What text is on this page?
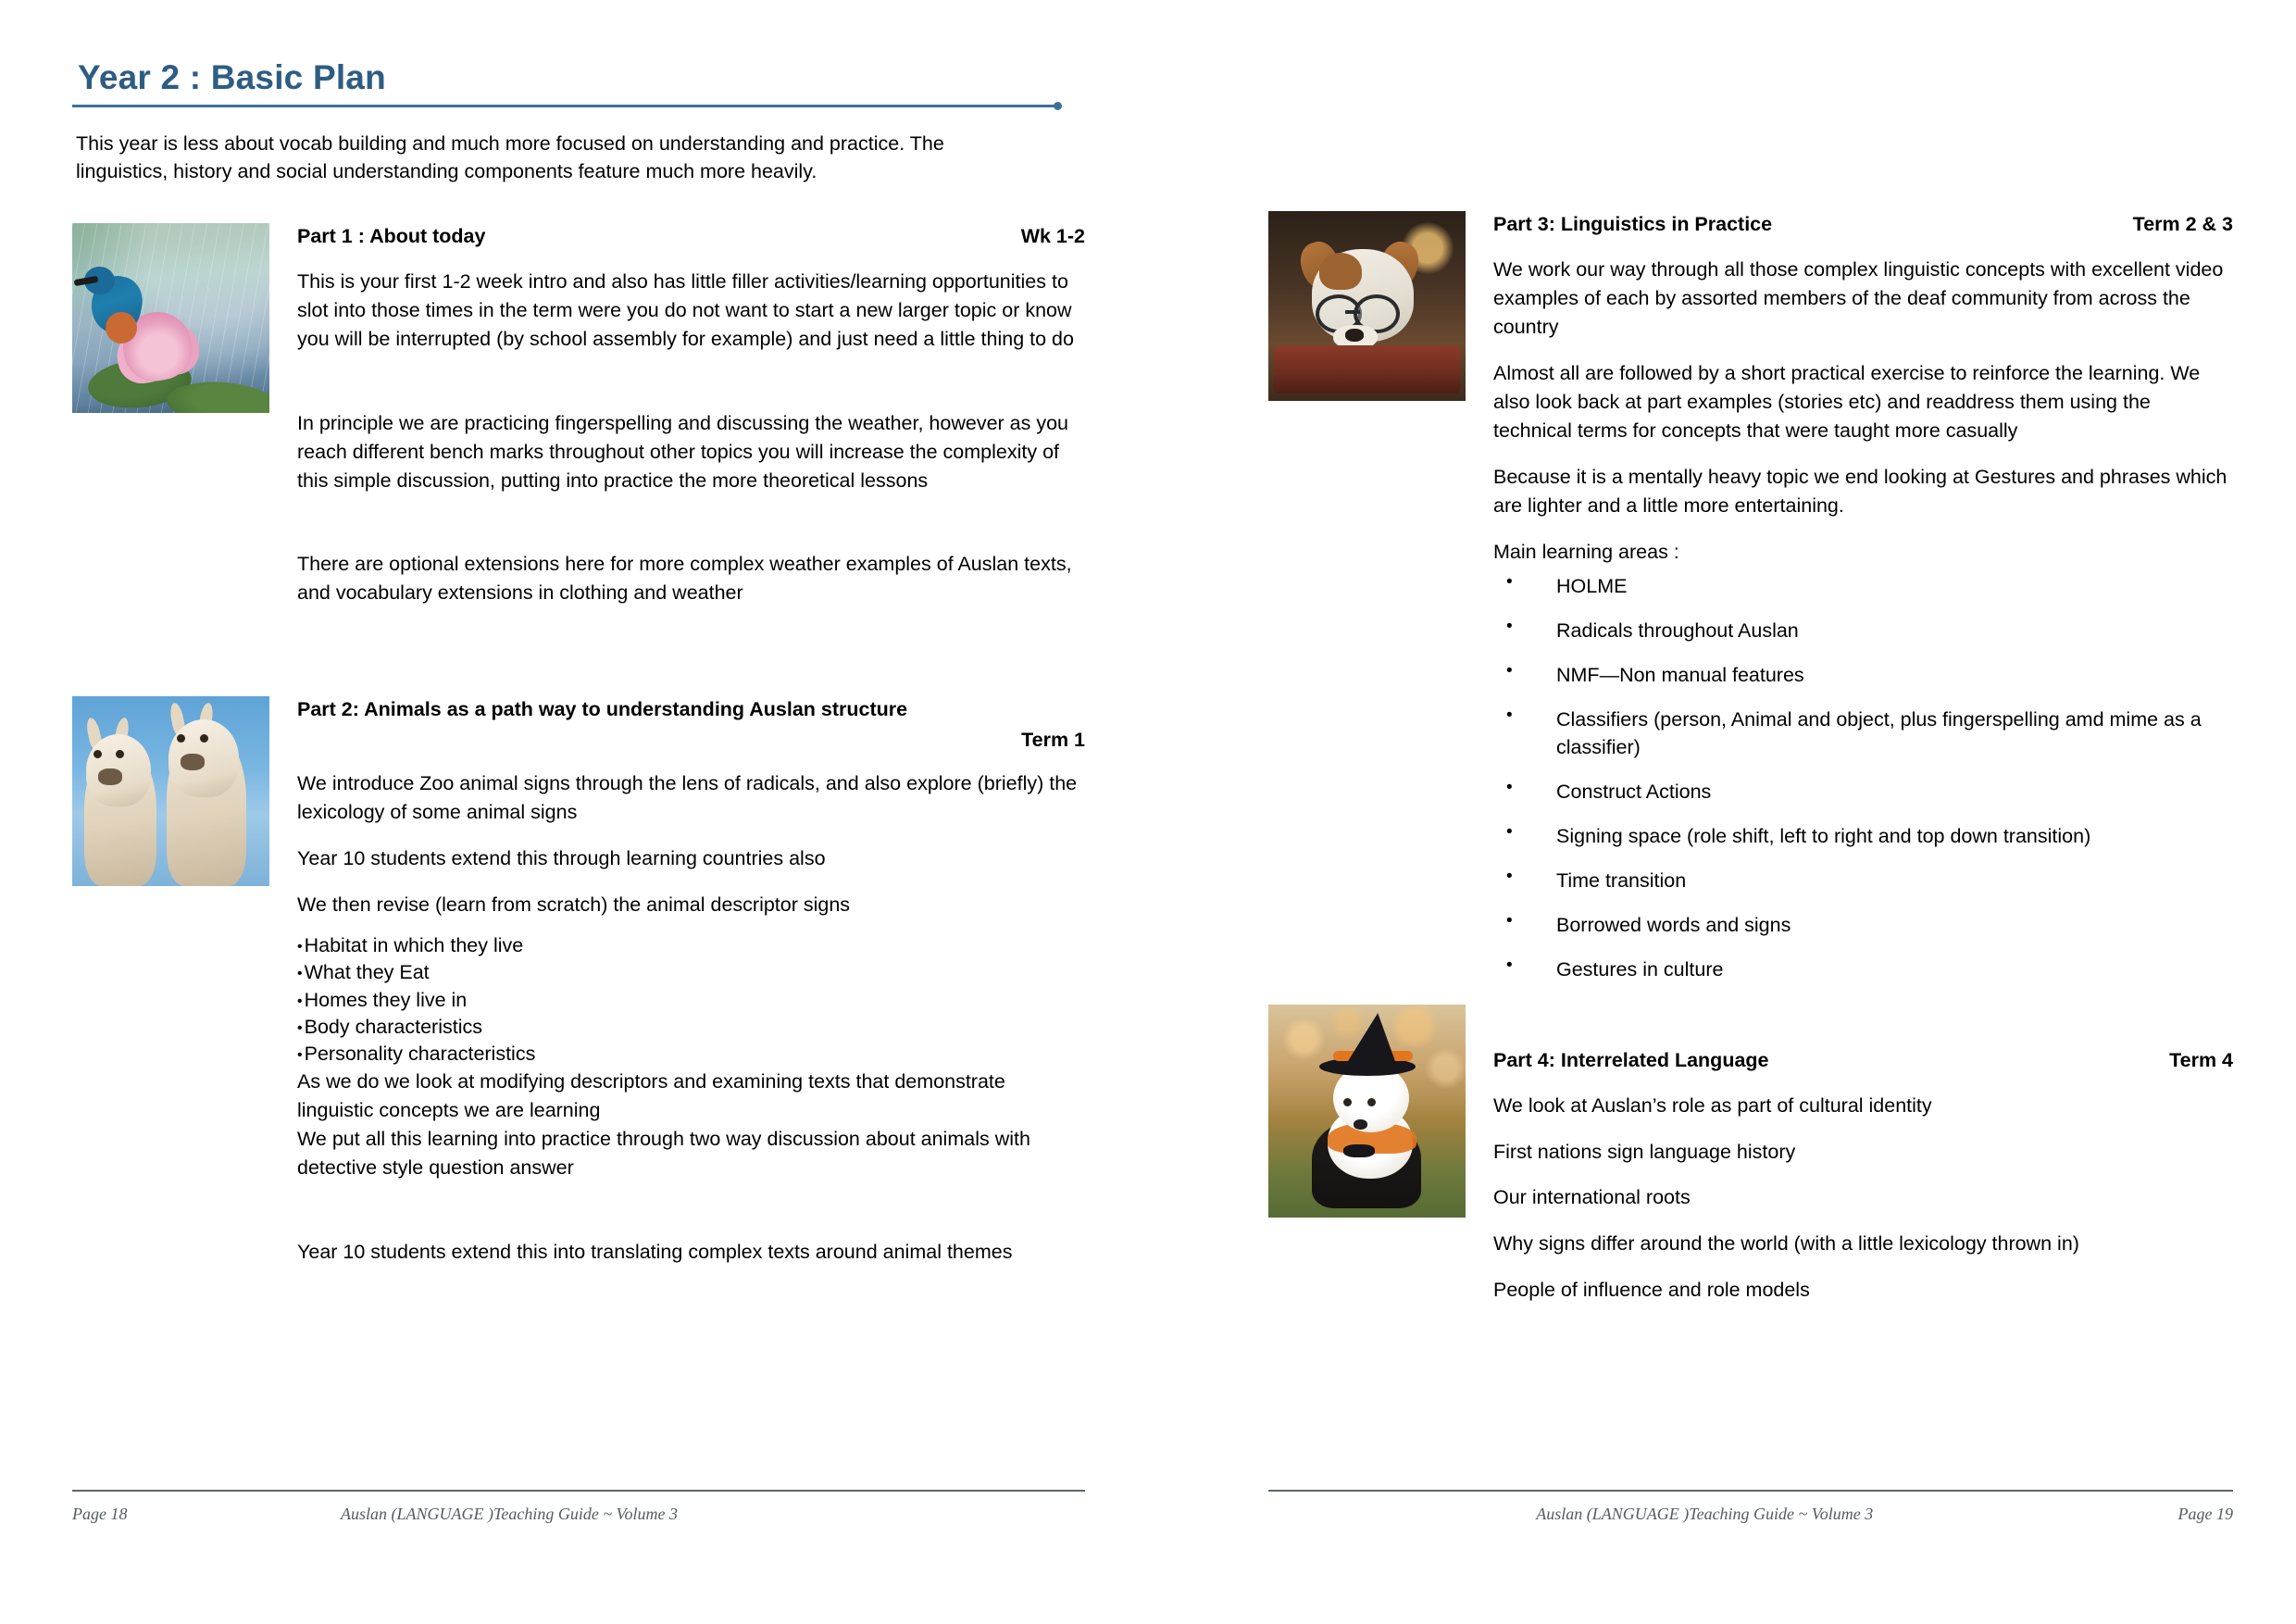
Year 2 : Basic Plan

This year is less about vocab building and much more focused on understanding and practice. The linguistics, history and social understanding components feature much more heavily.

Part 1 : About today	Wk 1-2

This is your first 1-2 week intro and also has little filler activities/learning opportunities to slot into those times in the term were you do not want to start a new larger topic or know you will be interrupted (by school assembly for example) and just need a little thing to do

In principle we are practicing fingerspelling and discussing the weather, however as you reach different bench marks throughout other topics you will increase the complexity of this simple discussion, putting into practice the more theoretical lessons

There are optional extensions here for more complex weather examples of Auslan texts, and vocabulary extensions in clothing and weather

Part 2: Animals as a path way to understanding Auslan structure
Term 1

We introduce Zoo animal signs through the lens of radicals, and also explore (briefly) the lexicology of some animal signs

Year 10 students extend this through learning countries also

We then revise (learn from scratch) the animal descriptor signs

• Habitat in which they live
• What they Eat
• Homes they live in
• Body characteristics
• Personality characteristics

As we do we look at modifying descriptors and examining texts that demonstrate linguistic concepts we are learning

We put all this learning into practice through two way discussion about animals with detective style question answer

Year 10 students extend this into translating complex texts around animal themes

Page 18	Auslan (LANGUAGE )Teaching Guide ~ Volume 3
Part 3: Linguistics in Practice	Term 2 & 3

We work our way through all those complex linguistic concepts with excellent video examples of each by assorted members of the deaf community from across the country

Almost all are followed by a short practical exercise to reinforce the learning. We also look back at part examples (stories etc) and readdress them using the technical terms for concepts that were taught more casually

Because it is a mentally heavy topic we end looking at Gestures and phrases which are lighter and a little more entertaining.

Main learning areas :

• HOLME
• Radicals throughout Auslan
• NMF—Non manual features
• Classifiers (person, Animal and object, plus fingerspelling amd mime as a classifier)
• Construct Actions
• Signing space (role shift, left to right and top down transition)
• Time transition
• Borrowed words and signs
• Gestures in culture
Part 4: Interrelated Language	Term 4

We look at Auslan’s role as part of cultural identity

First nations sign language history

Our international roots

Why signs differ around the world (with a little lexicology thrown in)

People of influence and role models

Auslan (LANGUAGE )Teaching Guide ~ Volume 3	Page 19
